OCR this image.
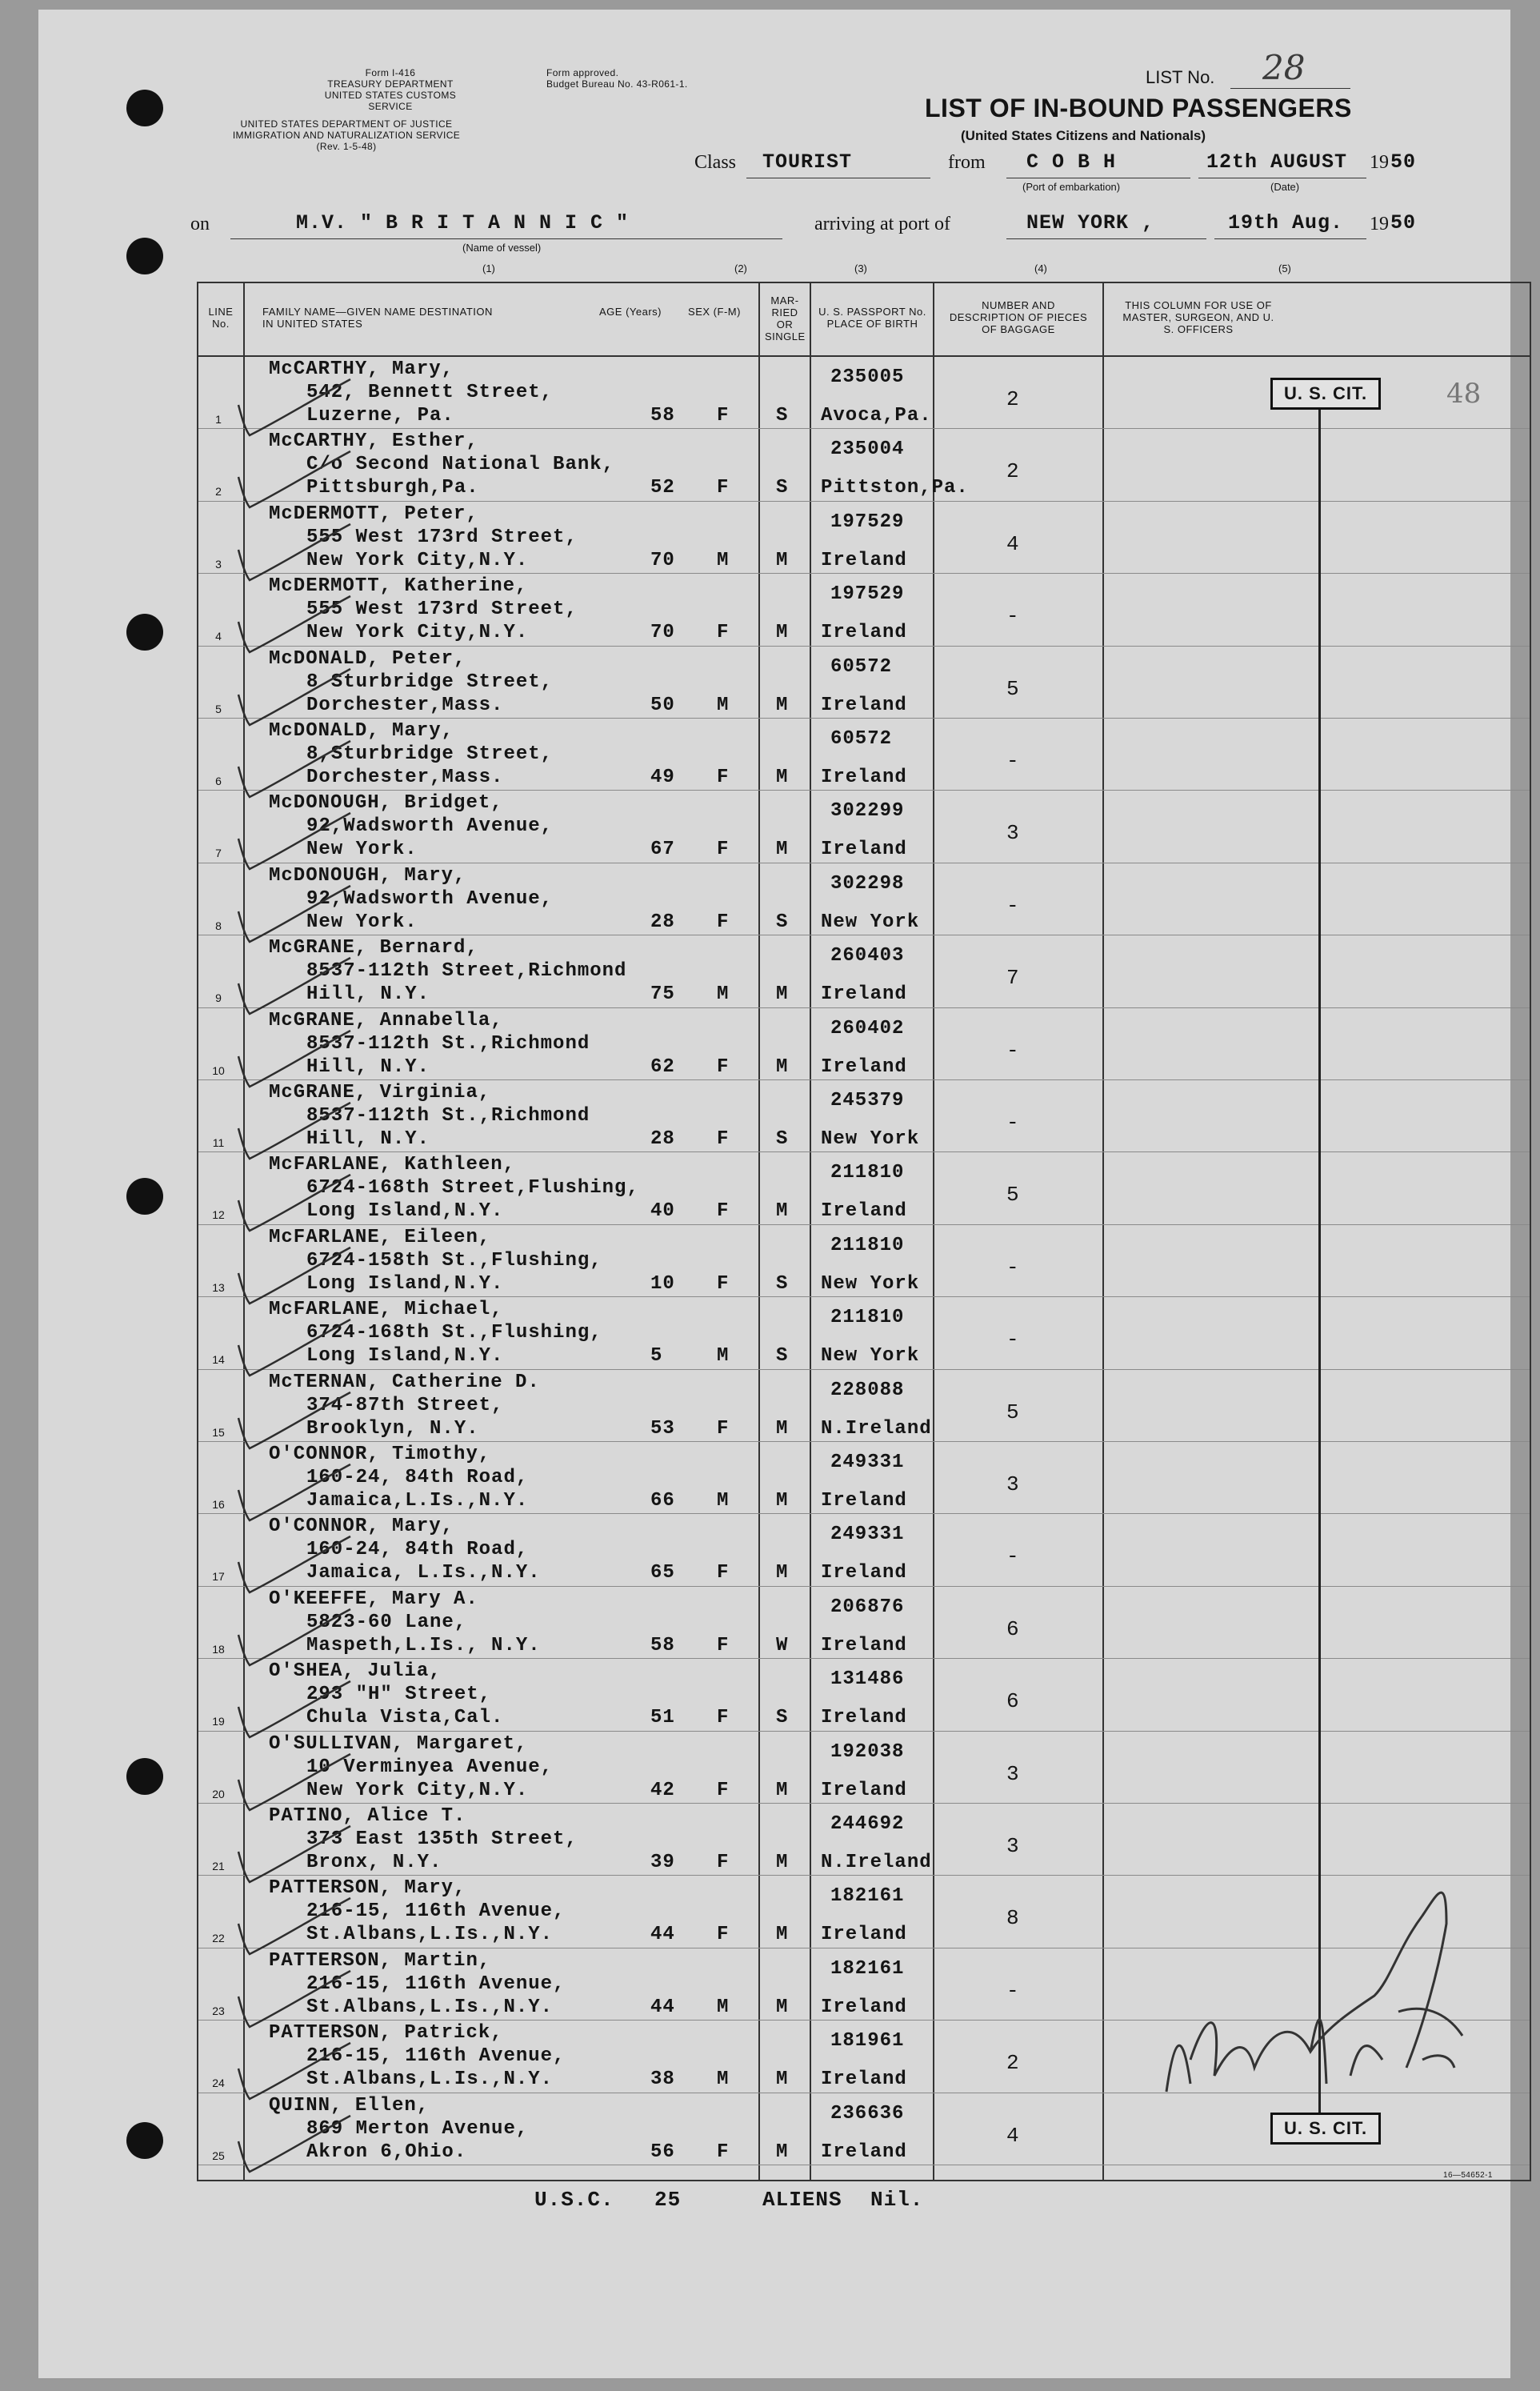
Form I-416
TREASURY DEPARTMENT
UNITED STATES CUSTOMS SERVICE
Form approved.
Budget Bureau No. 43-R061-1.
UNITED STATES DEPARTMENT OF JUSTICE
IMMIGRATION AND NATURALIZATION SERVICE
(Rev. 1-5-48)
LIST No. 28
LIST OF IN-BOUND PASSENGERS
(United States Citizens and Nationals)
Class TOURIST	from C O B H
(Port of embarkation)
12th AUGUST 19 50
(Date)
on	M.V. " B R I T A N N I C "
(Name of vessel)
arriving at port of	NEW YORK ,	19th Aug. 19 50
(1)	(2)	(3)	(4)	(5)
LINE No.
FAMILY NAME—GIVEN NAME DESTINATION IN UNITED STATES
AGE (Years)	SEX (F-M)
MAR-RIED OR SINGLE
U. S. PASSPORT No. PLACE OF BIRTH
NUMBER AND DESCRIPTION OF PIECES OF BAGGAGE
THIS COLUMN FOR USE OF MASTER, SURGEON, AND U. S. OFFICERS
1
McCARTHY, Mary,
542, Bennett Street,
Luzerne, Pa.	58 F S
235005
Avoca,Pa.
2
2
McCARTHY, Esther,
C/o Second National Bank,
Pittsburgh,Pa.	52 F S
235004
Pittston,Pa.
2
3
McDERMOTT, Peter,
555 West 173rd Street,
New York City,N.Y.	70 M M
197529
Ireland
4
4
McDERMOTT, Katherine,
555 West 173rd Street,
New York City,N.Y.	70 F M
197529
Ireland
-
5
McDONALD, Peter,
8 Sturbridge Street,
Dorchester,Mass.	50 M M
60572
Ireland
5
6
McDONALD, Mary,
8,Sturbridge Street,
Dorchester,Mass.	49 F M
60572
Ireland
-
7
McDONOUGH, Bridget,
92,Wadsworth Avenue,
New York.	67 F M
302299
Ireland
3
8
McDONOUGH, Mary,
92,Wadsworth Avenue,
New York.	28 F S
302298
New York
-
9
McGRANE, Bernard,
8537-112th Street,Richmond
Hill, N.Y.	75 M M
260403
Ireland
7
10
McGRANE, Annabella,
8537-112th St.,Richmond
Hill, N.Y.	62 F M
260402
Ireland
-
11
McGRANE, Virginia,
8537-112th St.,Richmond
Hill, N.Y.	28 F S
245379
New York
-
12
McFARLANE, Kathleen,
6724-168th Street,Flushing,
Long Island,N.Y.	40 F M
211810
Ireland
5
13
McFARLANE, Eileen,
6724-158th St.,Flushing,
Long Island,N.Y.	10 F S
211810
New York
-
14
McFARLANE, Michael,
6724-168th St.,Flushing,
Long Island,N.Y.	5	M S
211810
New York
-
15
McTERNAN, Catherine D.
374-87th Street,
Brooklyn, N.Y.	53 F M
228088
N.Ireland
5
16
O'CONNOR, Timothy,
160-24, 84th Road,
Jamaica,L.Is.,N.Y.	66 M M
249331
Ireland
3
17
O'CONNOR, Mary,
160-24, 84th Road,
Jamaica, L.Is.,N.Y.	65 F M
249331
Ireland
-
18
O'KEEFFE, Mary A.
5823-60 Lane,
Maspeth,L.Is., N.Y.	58 F W
206876
Ireland
6
19
O'SHEA, Julia,
293 "H" Street,
Chula Vista,Cal.	51 F S
131486
Ireland
6
20
O'SULLIVAN, Margaret,
10 Verminyea Avenue,
New York City,N.Y.	42 F M
192038
Ireland
3
21
PATINO, Alice T.
373 East 135th Street,
Bronx, N.Y.	39 F M
244692
N.Ireland
3
22
PATTERSON, Mary,
216-15, 116th Avenue,
St.Albans,L.Is.,N.Y.	44 F M
182161
Ireland
8
23
PATTERSON, Martin,
216-15, 116th Avenue,
St.Albans,L.Is.,N.Y.	44 M M
182161
Ireland
-
24
PATTERSON, Patrick,
216-15, 116th Avenue,
St.Albans,L.Is.,N.Y.	38 M M
181961
Ireland
2
25
QUINN, Ellen,
869 Merton Avenue,
Akron 6,Ohio.	56 F M
236636
Ireland
4
U. S. CIT.
U. S. CIT.
48
U.S.C. 25	ALIENS Nil.
16—54652-1
